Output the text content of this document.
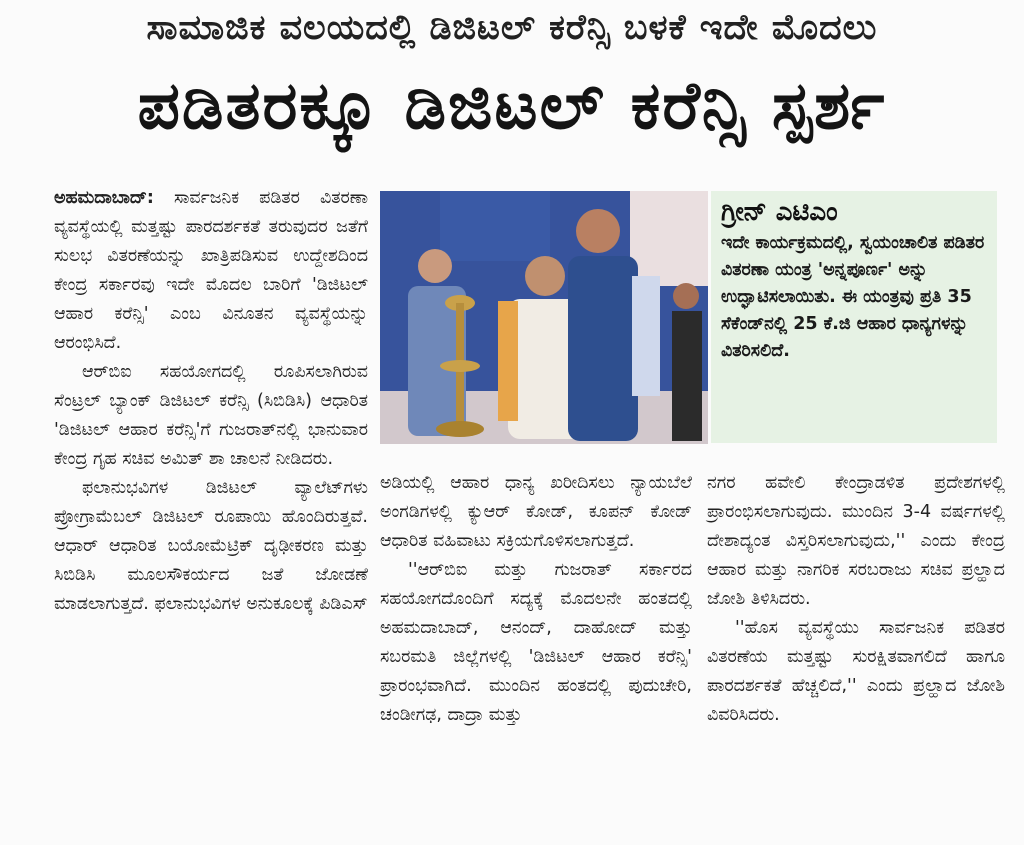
ಸಾಮಾಜಿಕ ವಲಯದಲ್ಲಿ ಡಿಜಿಟಲ್ ಕರೆನ್ಸಿ ಬಳಕೆ ಇದೇ ಮೊದಲು
ಪಡಿತರಕ್ಕೂ ಡಿಜಿಟಲ್ ಕರೆನ್ಸಿ ಸ್ಪರ್ಶ

ಅಹಮದಾಬಾದ್: ಸಾರ್ವಜನಿಕ ಪಡಿತರ ವಿತರಣಾ ವ್ಯವಸ್ಥೆಯಲ್ಲಿ ಮತ್ತಷ್ಟು ಪಾರದರ್ಶಕತೆ ತರುವುದರ ಜತೆಗೆ ಸುಲಭ ವಿತರಣೆಯನ್ನು ಖಾತ್ರಿಪಡಿಸುವ ಉದ್ದೇಶದಿಂದ ಕೇಂದ್ರ ಸರ್ಕಾರವು ಇದೇ ಮೊದಲ ಬಾರಿಗೆ 'ಡಿಜಿಟಲ್ ಆಹಾರ ಕರೆನ್ಸಿ' ಎಂಬ ವಿನೂತನ ವ್ಯವಸ್ಥೆಯನ್ನು ಆರಂಭಿಸಿದೆ.

ಆರ್‌ಬಿಐ ಸಹಯೋಗದಲ್ಲಿ ರೂಪಿಸಲಾಗಿರುವ ಸೆಂಟ್ರಲ್ ಬ್ಯಾಂಕ್ ಡಿಜಿಟಲ್ ಕರೆನ್ಸಿ (ಸಿಬಿಡಿಸಿ) ಆಧಾರಿತ 'ಡಿಜಿಟಲ್ ಆಹಾರ ಕರೆನ್ಸಿ'ಗೆ ಗುಜರಾತ್‌ನಲ್ಲಿ ಭಾನುವಾರ ಕೇಂದ್ರ ಗೃಹ ಸಚಿವ ಅಮಿತ್ ಶಾ ಚಾಲನೆ ನೀಡಿದರು.

ಫಲಾನುಭವಿಗಳ ಡಿಜಿಟಲ್ ವ್ಯಾಲೆಟ್‌ಗಳು ಪ್ರೋಗ್ರಾಮೆಬಲ್ ಡಿಜಿಟಲ್ ರೂಪಾಯಿ ಹೊಂದಿರುತ್ತವೆ. ಆಧಾರ್ ಆಧಾರಿತ ಬಯೋಮೆಟ್ರಿಕ್ ದೃಢೀಕರಣ ಮತ್ತು ಸಿಬಿಡಿಸಿ ಮೂಲಸೌಕರ್ಯದ ಜತೆ ಜೋಡಣೆ ಮಾಡಲಾಗುತ್ತದೆ. ಫಲಾನುಭವಿಗಳ ಅನುಕೂಲಕ್ಕೆ ಪಿಡಿಎಸ್

ಗ್ರೀನ್ ಎಟಿಎಂ

ಇದೇ ಕಾರ್ಯಕ್ರಮದಲ್ಲಿ, ಸ್ವಯಂಚಾಲಿತ ಪಡಿತರ ವಿತರಣಾ ಯಂತ್ರ 'ಅನ್ನಪೂರ್ಣ' ಅನ್ನು ಉದ್ಘಾಟಿಸಲಾಯಿತು. ಈ ಯಂತ್ರವು ಪ್ರತಿ 35 ಸೆಕೆಂಡ್‌ನಲ್ಲಿ 25 ಕೆ.ಜಿ ಆಹಾರ ಧಾನ್ಯಗಳನ್ನು ವಿತರಿಸಲಿದೆ.

ಅಡಿಯಲ್ಲಿ ಆಹಾರ ಧಾನ್ಯ ಖರೀದಿಸಲು ನ್ಯಾಯಬೆಲೆ ಅಂಗಡಿಗಳಲ್ಲಿ ಕ್ಯುಆರ್ ಕೋಡ್, ಕೂಪನ್ ಕೋಡ್ ಆಧಾರಿತ ವಹಿವಾಟು ಸಕ್ರಿಯಗೊಳಿಸಲಾಗುತ್ತದೆ.

''ಆರ್‌ಬಿಐ ಮತ್ತು ಗುಜರಾತ್ ಸರ್ಕಾರದ ಸಹಯೋಗದೊಂದಿಗೆ ಸದ್ಯಕ್ಕೆ ಮೊದಲನೇ ಹಂತದಲ್ಲಿ ಅಹಮದಾಬಾದ್, ಆನಂದ್, ದಾಹೋದ್ ಮತ್ತು ಸಬರಮತಿ ಜಿಲ್ಲೆಗಳಲ್ಲಿ 'ಡಿಜಿಟಲ್ ಆಹಾರ ಕರೆನ್ಸಿ' ಪ್ರಾರಂಭವಾಗಿದೆ. ಮುಂದಿನ ಹಂತದಲ್ಲಿ ಪುದುಚೇರಿ, ಚಂಡೀಗಢ, ದಾದ್ರಾ ಮತ್ತು

ನಗರ ಹವೇಲಿ ಕೇಂದ್ರಾಡಳಿತ ಪ್ರದೇಶಗಳಲ್ಲಿ ಪ್ರಾರಂಭಿಸಲಾಗುವುದು. ಮುಂದಿನ 3-4 ವರ್ಷಗಳಲ್ಲಿ ದೇಶಾದ್ಯಂತ ವಿಸ್ತರಿಸಲಾಗುವುದು,'' ಎಂದು ಕೇಂದ್ರ ಆಹಾರ ಮತ್ತು ನಾಗರಿಕ ಸರಬರಾಜು ಸಚಿವ ಪ್ರಲ್ಹಾದ ಜೋಶಿ ತಿಳಿಸಿದರು.

''ಹೊಸ ವ್ಯವಸ್ಥೆಯು ಸಾರ್ವಜನಿಕ ಪಡಿತರ ವಿತರಣೆಯ ಮತ್ತಷ್ಟು ಸುರಕ್ಷಿತವಾಗಲಿದೆ ಹಾಗೂ ಪಾರದರ್ಶಕತೆ ಹೆಚ್ಚಲಿದೆ,'' ಎಂದು ಪ್ರಲ್ಹಾದ ಜೋಶಿ ವಿವರಿಸಿದರು.
